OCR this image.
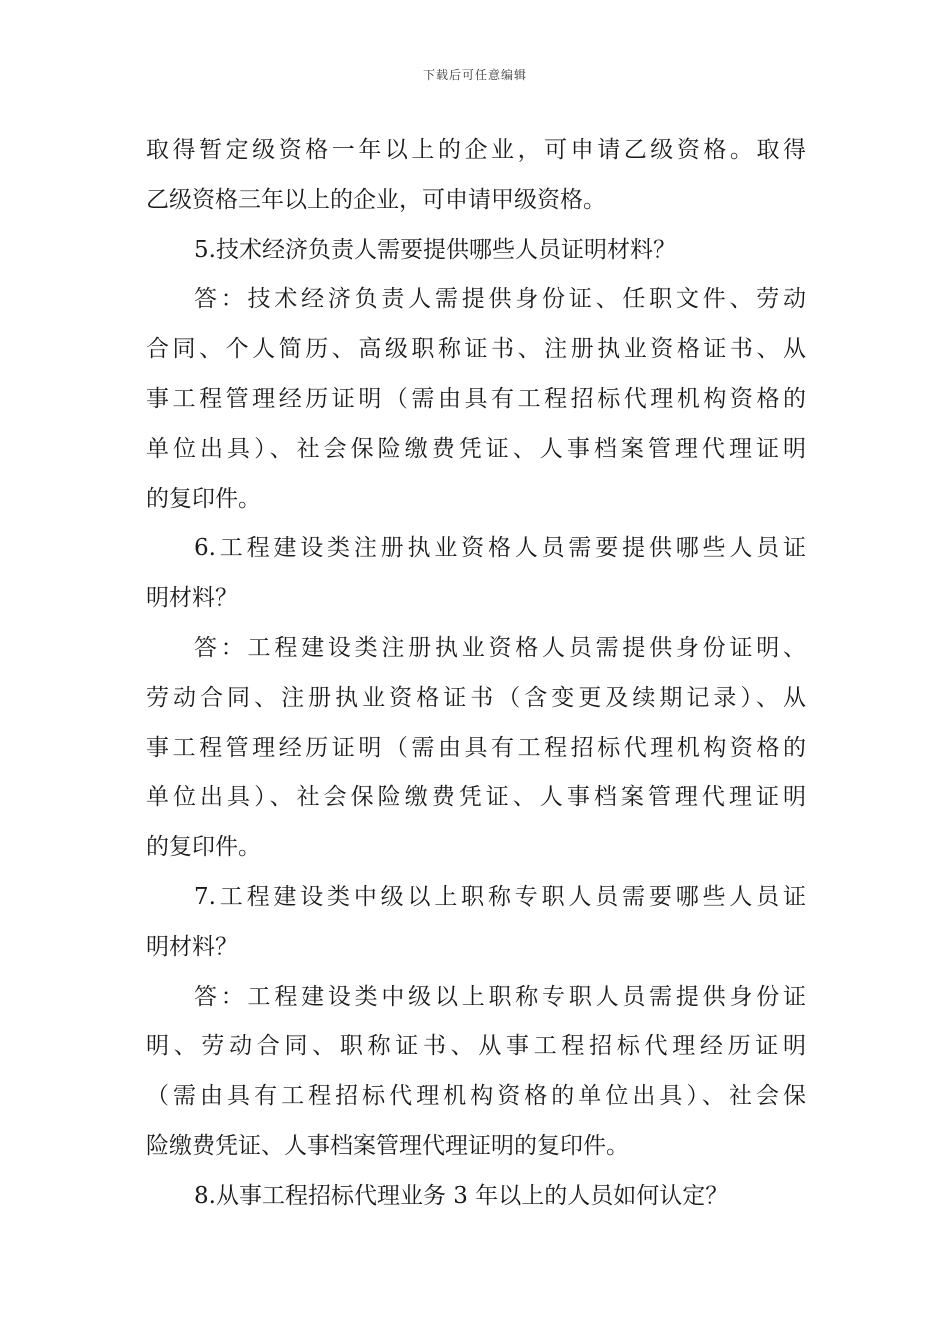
下载后可任意编辑
取得暂定级资格一年以上的企业，可申请乙级资格。取得
乙级资格三年以上的企业，可申请甲级资格。
5.技术经济负责人需要提供哪些人员证明材料？
答：技术经济负责人需提供身份证、任职文件、劳动
合同、个人简历、高级职称证书、注册执业资格证书、从
事工程管理经历证明（需由具有工程招标代理机构资格的
单位出具）、社会保险缴费凭证、人事档案管理代理证明
的复印件。
6.工程建设类注册执业资格人员需要提供哪些人员证
明材料？
答：工程建设类注册执业资格人员需提供身份证明、
劳动合同、注册执业资格证书（含变更及续期记录）、从
事工程管理经历证明（需由具有工程招标代理机构资格的
单位出具）、社会保险缴费凭证、人事档案管理代理证明
的复印件。
7.工程建设类中级以上职称专职人员需要哪些人员证
明材料？
答：工程建设类中级以上职称专职人员需提供身份证
明、劳动合同、职称证书、从事工程招标代理经历证明
（需由具有工程招标代理机构资格的单位出具）、社会保
险缴费凭证、人事档案管理代理证明的复印件。
8.从事工程招标代理业务 3 年以上的人员如何认定？
